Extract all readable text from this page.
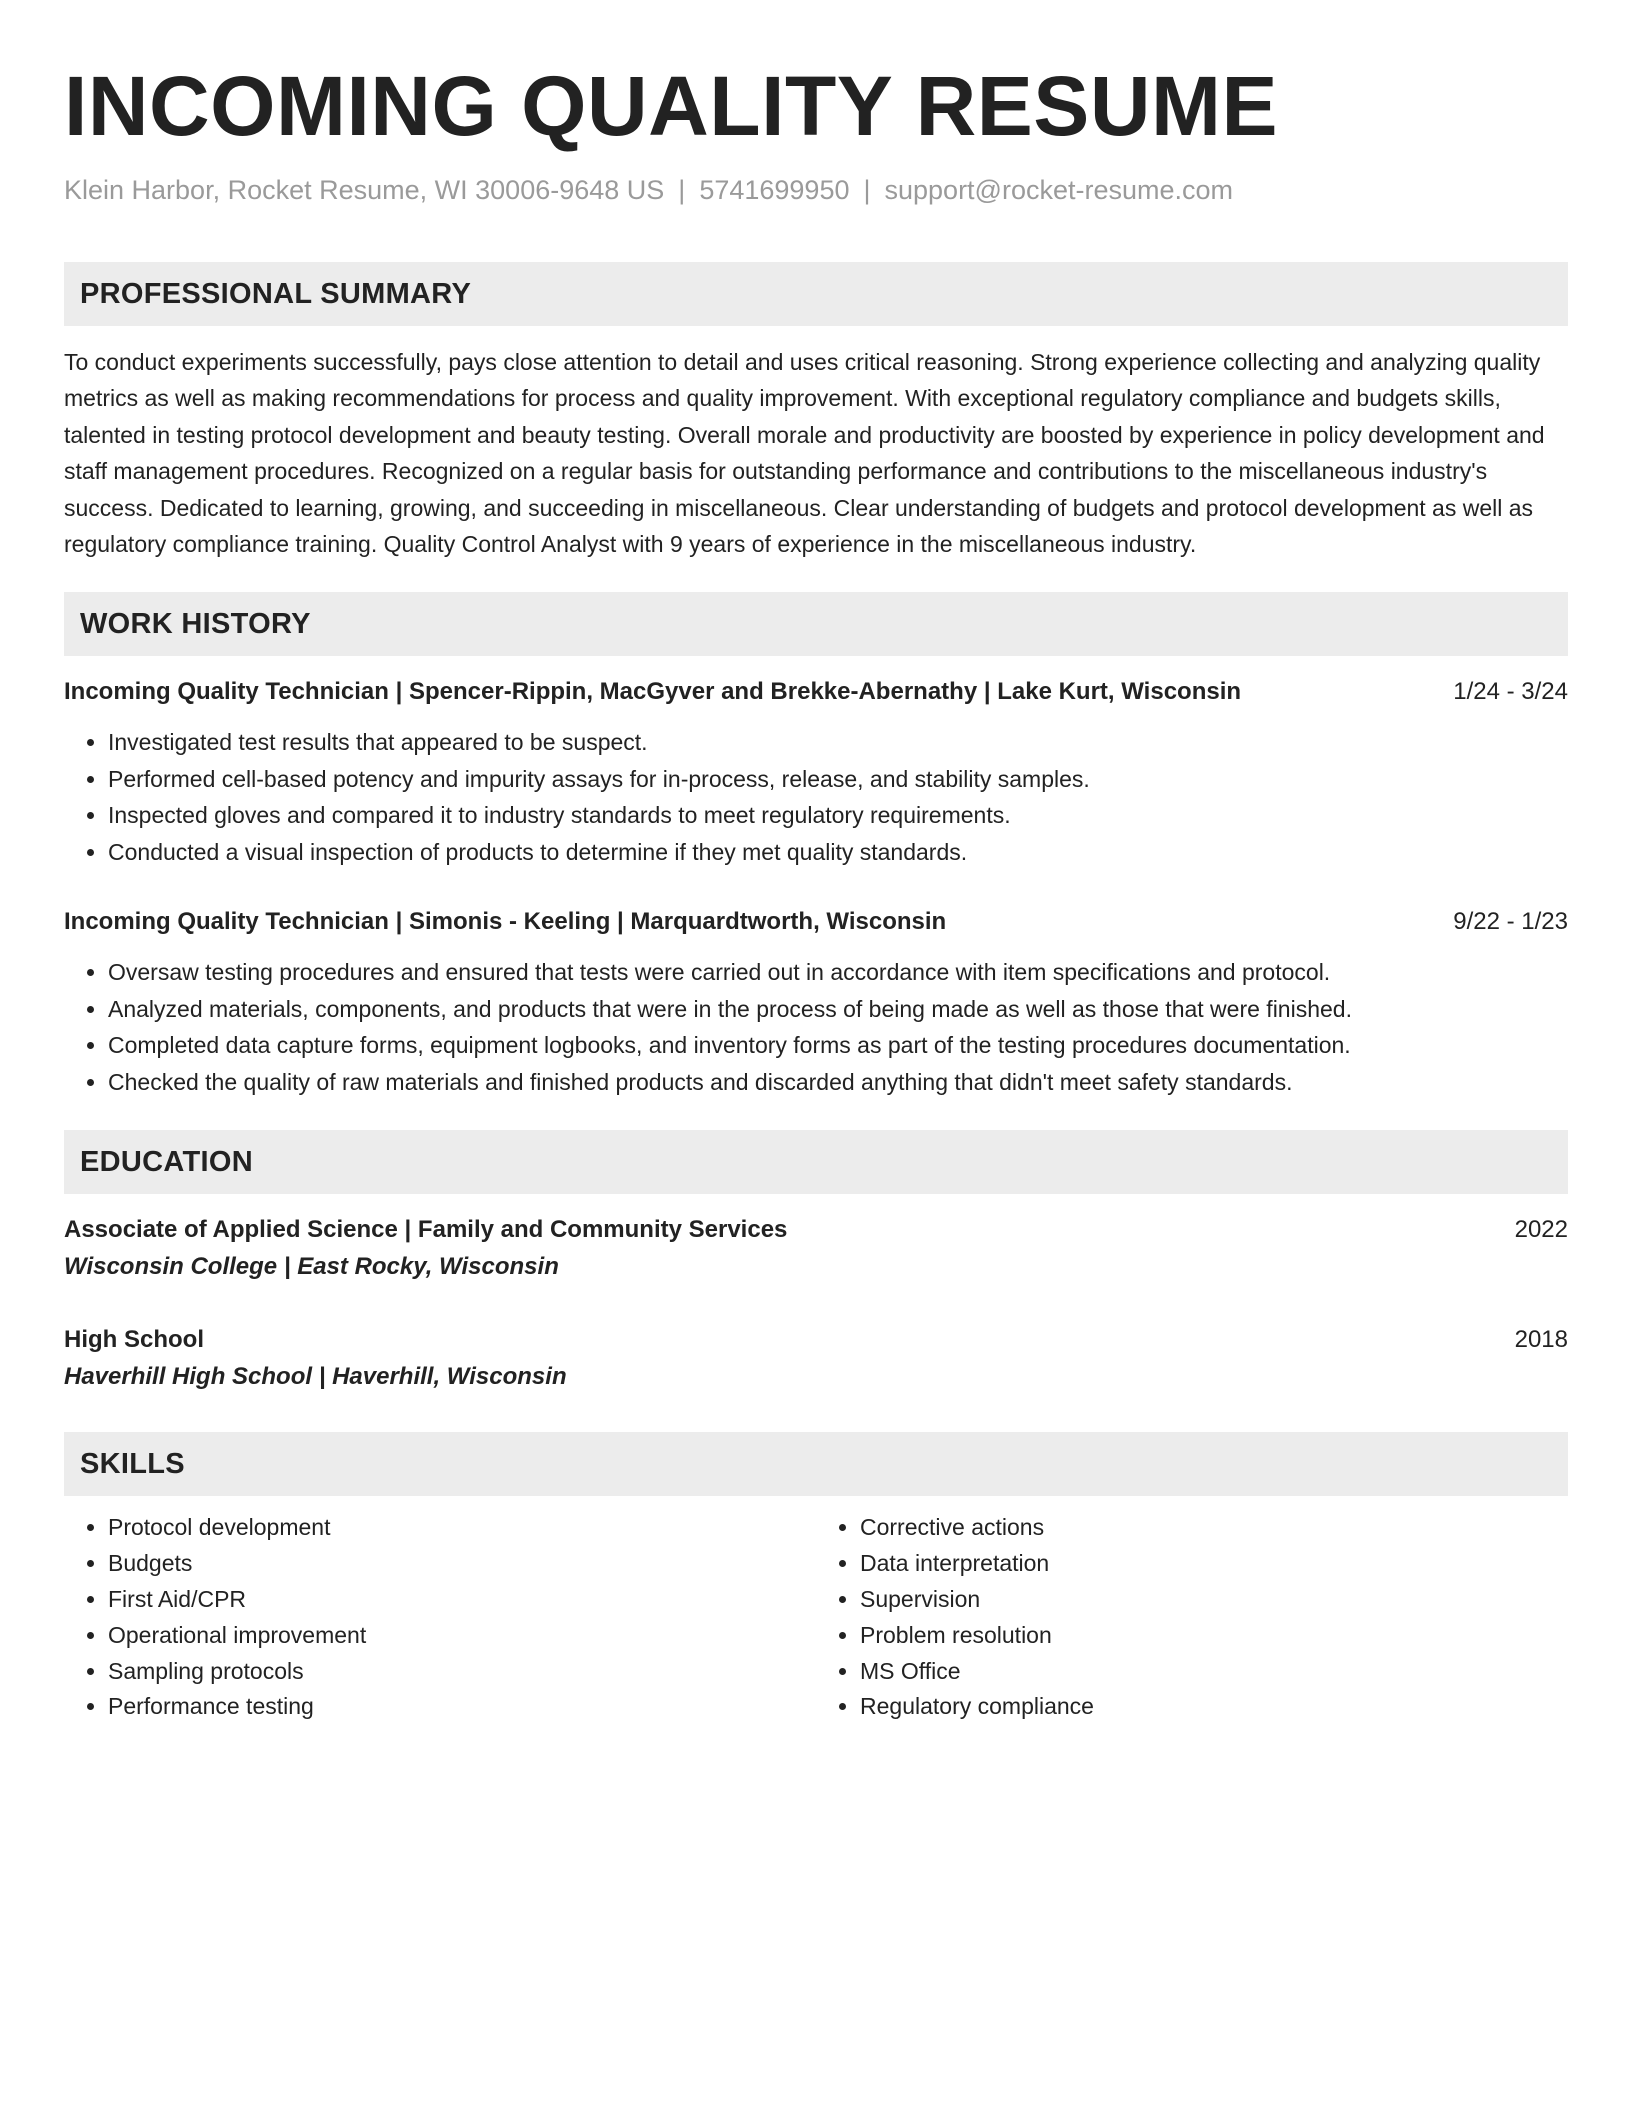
INCOMING QUALITY RESUME
Klein Harbor, Rocket Resume, WI 30006-9648 US | 5741699950 | support@rocket-resume.com
PROFESSIONAL SUMMARY

To conduct experiments successfully, pays close attention to detail and uses critical reasoning. Strong experience collecting and analyzing quality metrics as well as making recommendations for process and quality improvement. With exceptional regulatory compliance and budgets skills, talented in testing protocol development and beauty testing. Overall morale and productivity are boosted by experience in policy development and staff management procedures. Recognized on a regular basis for outstanding performance and contributions to the miscellaneous industry's success. Dedicated to learning, growing, and succeeding in miscellaneous. Clear understanding of budgets and protocol development as well as regulatory compliance training. Quality Control Analyst with 9 years of experience in the miscellaneous industry.

WORK HISTORY
Incoming Quality Technician | Spencer-Rippin, MacGyver and Brekke-Abernathy | Lake Kurt, Wisconsin	1/24 - 3/24
• Investigated test results that appeared to be suspect.
• Performed cell-based potency and impurity assays for in-process, release, and stability samples.
• Inspected gloves and compared it to industry standards to meet regulatory requirements.
• Conducted a visual inspection of products to determine if they met quality standards.
Incoming Quality Technician | Simonis - Keeling | Marquardtworth, Wisconsin	9/22 - 1/23
• Oversaw testing procedures and ensured that tests were carried out in accordance with item specifications and protocol.
• Analyzed materials, components, and products that were in the process of being made as well as those that were finished.
• Completed data capture forms, equipment logbooks, and inventory forms as part of the testing procedures documentation.
• Checked the quality of raw materials and finished products and discarded anything that didn't meet safety standards.
EDUCATION
Associate of Applied Science | Family and Community Services	2022
Wisconsin College | East Rocky, Wisconsin
High School	2018
Haverhill High School | Haverhill, Wisconsin
SKILLS
• Protocol development
• Budgets
• First Aid/CPR
• Operational improvement
• Sampling protocols
• Performance testing
• Corrective actions
• Data interpretation
• Supervision
• Problem resolution
• MS Office
• Regulatory compliance
